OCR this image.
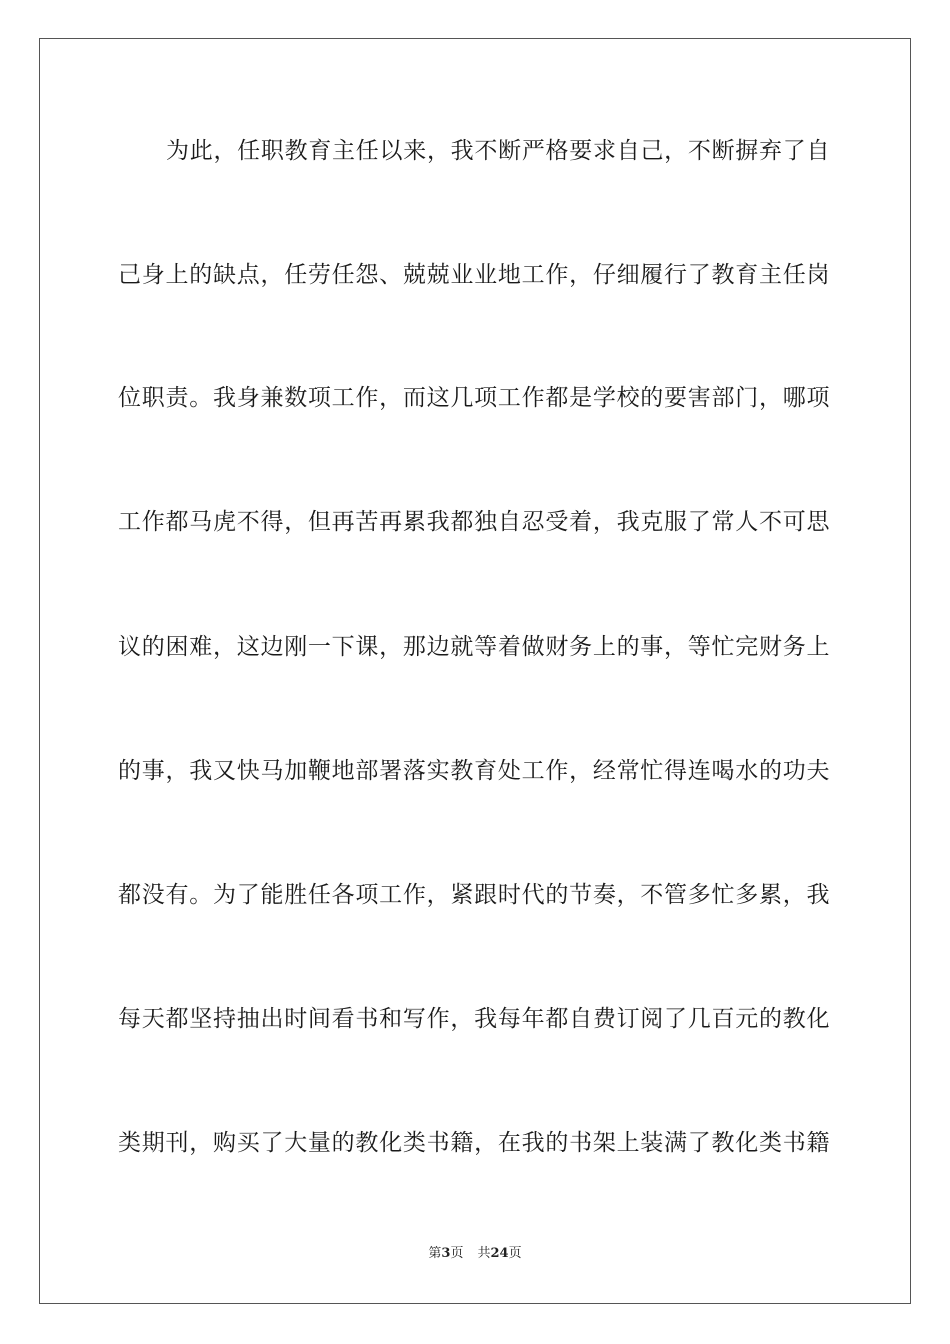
为此，任职教育主任以来，我不断严格要求自己，不断摒弃了自
己身上的缺点，任劳任怨、兢兢业业地工作，仔细履行了教育主任岗
位职责。我身兼数项工作，而这几项工作都是学校的要害部门，哪项
工作都马虎不得，但再苦再累我都独自忍受着，我克服了常人不可思
议的困难，这边刚一下课，那边就等着做财务上的事，等忙完财务上
的事，我又快马加鞭地部署落实教育处工作，经常忙得连喝水的功夫
都没有。为了能胜任各项工作，紧跟时代的节奏，不管多忙多累，我
每天都坚持抽出时间看书和写作，我每年都自费订阅了几百元的教化
类期刊，购买了大量的教化类书籍，在我的书架上装满了教化类书籍
第3页 共24页
